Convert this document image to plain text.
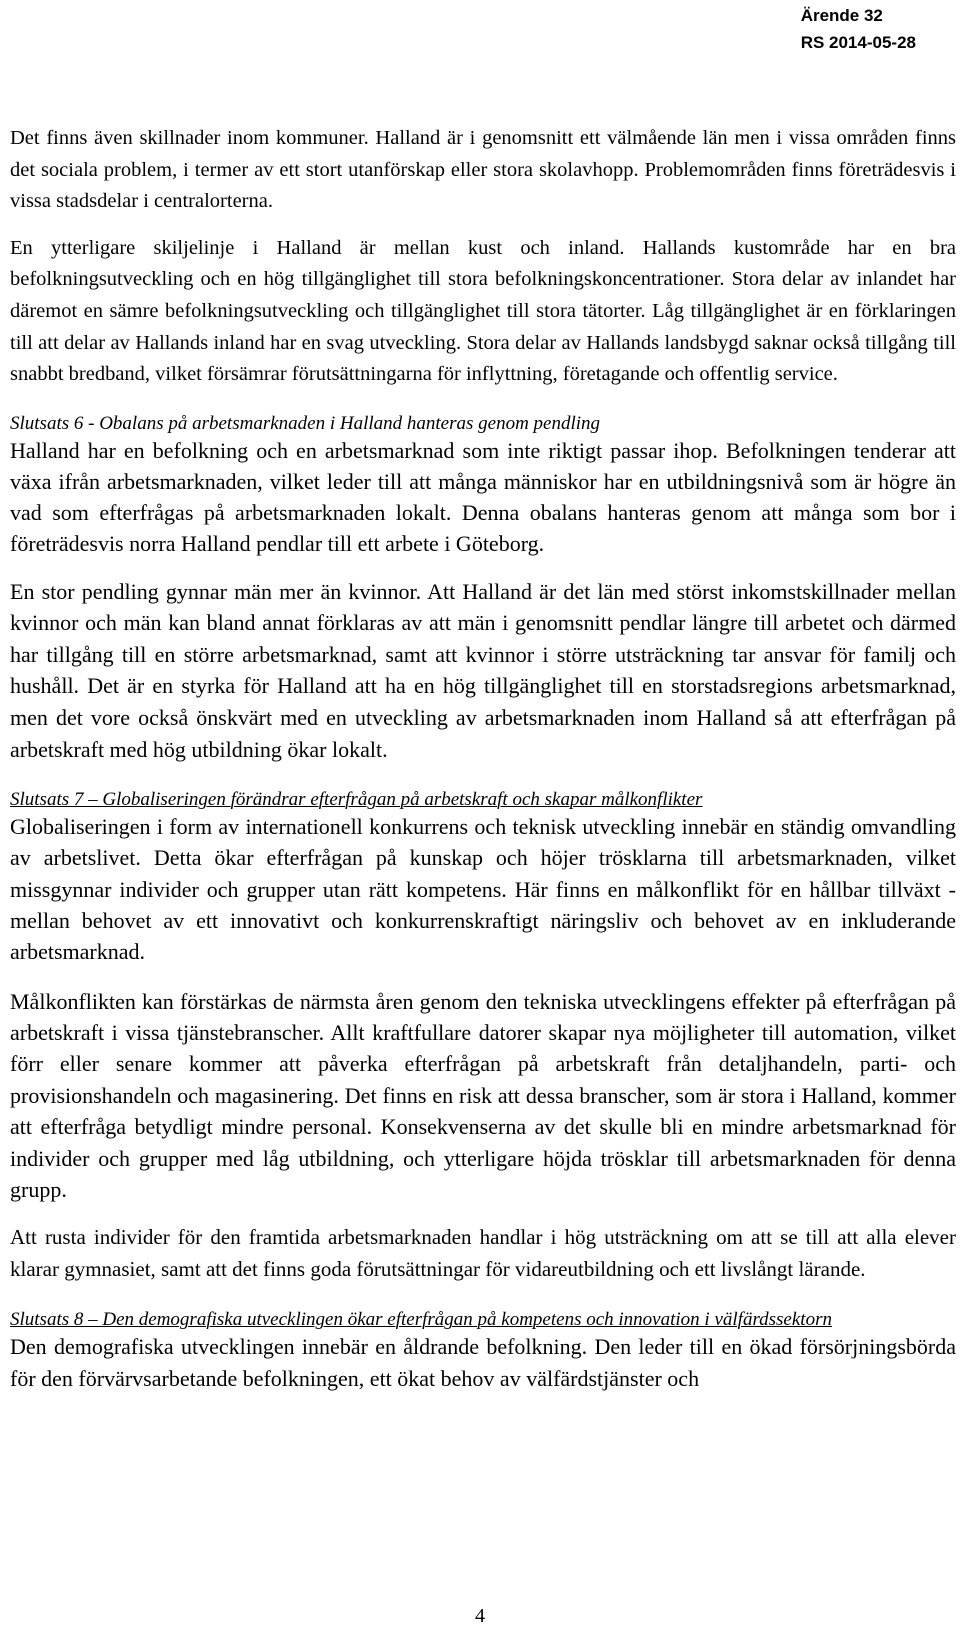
Ärende 32
RS 2014-05-28

Det finns även skillnader inom kommuner. Halland är i genomsnitt ett välmående län men i vissa områden finns det sociala problem, i termer av ett stort utanförskap eller stora skolavhopp. Problemområden finns företrädesvis i vissa stadsdelar i centralorterna.

En ytterligare skiljelinje i Halland är mellan kust och inland. Hallands kustområde har en bra befolkningsutveckling och en hög tillgänglighet till stora befolkningskoncentrationer. Stora delar av inlandet har däremot en sämre befolkningsutveckling och tillgänglighet till stora tätorter. Låg tillgänglighet är en förklaringen till att delar av Hallands inland har en svag utveckling. Stora delar av Hallands landsbygd saknar också tillgång till snabbt bredband, vilket försämrar förutsättningarna för inflyttning, företagande och offentlig service.

Slutsats 6 - Obalans på arbetsmarknaden i Halland hanteras genom pendling

Halland har en befolkning och en arbetsmarknad som inte riktigt passar ihop. Befolkningen tenderar att växa ifrån arbetsmarknaden, vilket leder till att många människor har en utbildningsnivå som är högre än vad som efterfrågas på arbetsmarknaden lokalt. Denna obalans hanteras genom att många som bor i företrädesvis norra Halland pendlar till ett arbete i Göteborg.

En stor pendling gynnar män mer än kvinnor. Att Halland är det län med störst inkomstskillnader mellan kvinnor och män kan bland annat förklaras av att män i genomsnitt pendlar längre till arbetet och därmed har tillgång till en större arbetsmarknad, samt att kvinnor i större utsträckning tar ansvar för familj och hushåll. Det är en styrka för Halland att ha en hög tillgänglighet till en storstadsregions arbetsmarknad, men det vore också önskvärt med en utveckling av arbetsmarknaden inom Halland så att efterfrågan på arbetskraft med hög utbildning ökar lokalt.

Slutsats 7 – Globaliseringen förändrar efterfrågan på arbetskraft och skapar målkonflikter

Globaliseringen i form av internationell konkurrens och teknisk utveckling innebär en ständig omvandling av arbetslivet. Detta ökar efterfrågan på kunskap och höjer trösklarna till arbetsmarknaden, vilket missgynnar individer och grupper utan rätt kompetens. Här finns en målkonflikt för en hållbar tillväxt - mellan behovet av ett innovativt och konkurrenskraftigt näringsliv och behovet av en inkluderande arbetsmarknad.

Målkonflikten kan förstärkas de närmsta åren genom den tekniska utvecklingens effekter på efterfrågan på arbetskraft i vissa tjänstebranscher. Allt kraftfullare datorer skapar nya möjligheter till automation, vilket förr eller senare kommer att påverka efterfrågan på arbetskraft från detaljhandeln, parti- och provisionshandeln och magasinering. Det finns en risk att dessa branscher, som är stora i Halland, kommer att efterfråga betydligt mindre personal. Konsekvenserna av det skulle bli en mindre arbetsmarknad för individer och grupper med låg utbildning, och ytterligare höjda trösklar till arbetsmarknaden för denna grupp.

Att rusta individer för den framtida arbetsmarknaden handlar i hög utsträckning om att se till att alla elever klarar gymnasiet, samt att det finns goda förutsättningar för vidareutbildning och ett livslångt lärande.

Slutsats 8 – Den demografiska utvecklingen ökar efterfrågan på kompetens och innovation i välfärdssektorn

Den demografiska utvecklingen innebär en åldrande befolkning. Den leder till en ökad försörjningsbörda för den förvärvsarbetande befolkningen, ett ökat behov av välfärdstjänster och

4
